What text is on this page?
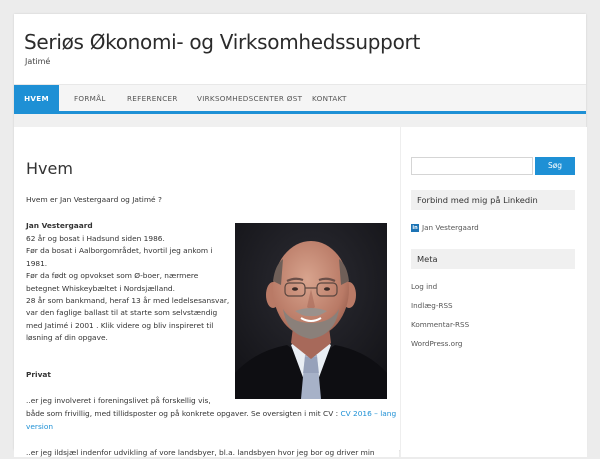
Seriøs Økonomi- og Virksomhedssupport
Jatimé
HVEM	FORMÅL	REFERENCER	VIRKSOMHEDSCENTER ØST KONTAKT
Hvem
Hvem er Jan Vestergaard og Jatimé ?
Jan Vestergaard
62 år og bosat i Hadsund siden 1986.
Før da bosat i Aalborgområdet, hvortil jeg ankom i
1981.
Før da født og opvokset som Ø-boer, nærmere
betegnet Whiskeybæltet i Nordsjælland.
28 år som bankmand, heraf 13 år med ledelsesansvar,
var den faglige ballast til at starte som selvstændig
med Jatimé i 2001 . Klik videre og bliv inspireret til
løsning af din opgave.
Privat
..er jeg involveret i foreningslivet på forskellig vis,
både som frivillig, med tillidsposter og på konkrete opgaver. Se oversigten i mit CV : CV 2016 – lang
version
..er jeg ildsjæl indenfor udvikling af vore landsbyer, bl.a. landsbyen hvor jeg bor og driver min
Søg
Forbind med mig på Linkedin
in Jan Vestergaard
Meta
Log ind
Indlæg-RSS
Kommentar-RSS
WordPress.org
